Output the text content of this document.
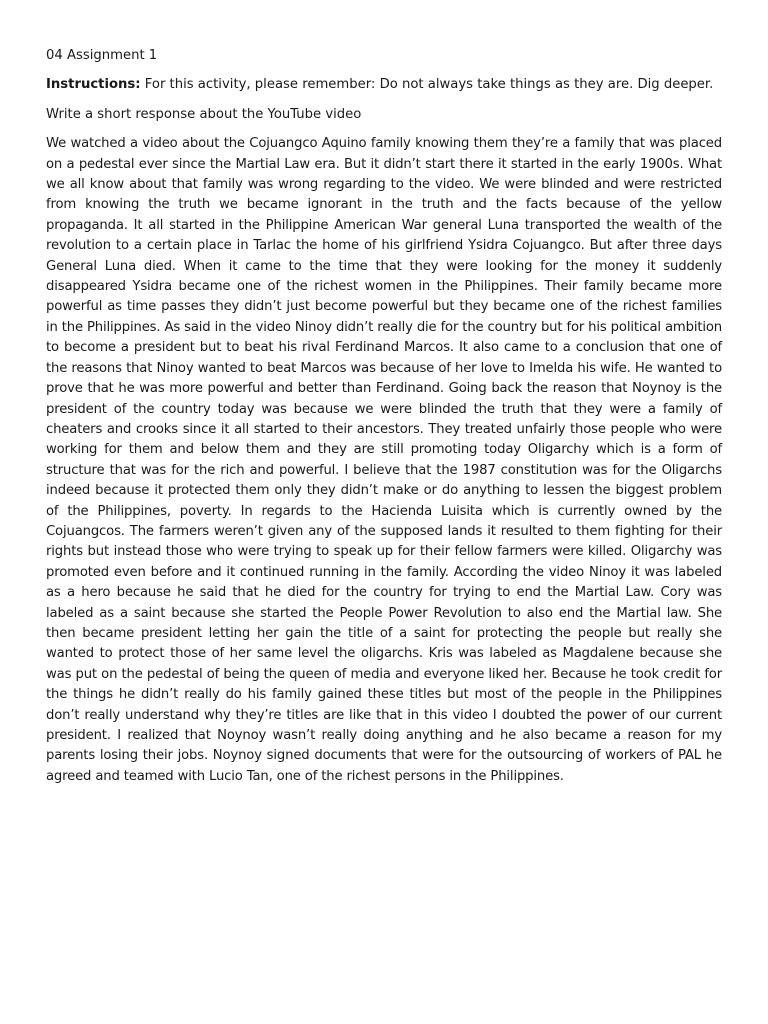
04 Assignment 1
Instructions: For this activity, please remember: Do not always take things as they are. Dig deeper.
Write a short response about the YouTube video

We watched a video about the Cojuangco Aquino family knowing them they’re a family that was placed on a pedestal ever since the Martial Law era. But it didn’t start there it started in the early 1900s. What we all know about that family was wrong regarding to the video. We were blinded and were restricted from knowing the truth we became ignorant in the truth and the facts because of the yellow propaganda. It all started in the Philippine American War general Luna transported the wealth of the revolution to a certain place in Tarlac the home of his girlfriend Ysidra Cojuangco. But after three days General Luna died. When it came to the time that they were looking for the money it suddenly disappeared Ysidra became one of the richest women in the Philippines. Their family became more powerful as time passes they didn’t just become powerful but they became one of the richest families in the Philippines. As said in the video Ninoy didn’t really die for the country but for his political ambition to become a president but to beat his rival Ferdinand Marcos. It also came to a conclusion that one of the reasons that Ninoy wanted to beat Marcos was because of her love to Imelda his wife. He wanted to prove that he was more powerful and better than Ferdinand. Going back the reason that Noynoy is the president of the country today was because we were blinded the truth that they were a family of cheaters and crooks since it all started to their ancestors. They treated unfairly those people who were working for them and below them and they are still promoting today Oligarchy which is a form of structure that was for the rich and powerful. I believe that the 1987 constitution was for the Oligarchs indeed because it protected them only they didn’t make or do anything to lessen the biggest problem of the Philippines, poverty. In regards to the Hacienda Luisita which is currently owned by the Cojuangcos. The farmers weren’t given any of the supposed lands it resulted to them fighting for their rights but instead those who were trying to speak up for their fellow farmers were killed. Oligarchy was promoted even before and it continued running in the family. According the video Ninoy it was labeled as a hero because he said that he died for the country for trying to end the Martial Law. Cory was labeled as a saint because she started the People Power Revolution to also end the Martial law. She then became president letting her gain the title of a saint for protecting the people but really she wanted to protect those of her same level the oligarchs. Kris was labeled as Magdalene because she was put on the pedestal of being the queen of media and everyone liked her. Because he took credit for the things he didn’t really do his family gained these titles but most of the people in the Philippines don’t really understand why they’re titles are like that in this video I doubted the power of our current president. I realized that Noynoy wasn’t really doing anything and he also became a reason for my parents losing their jobs. Noynoy signed documents that were for the outsourcing of workers of PAL he agreed and teamed with Lucio Tan, one of the richest persons in the Philippines.
